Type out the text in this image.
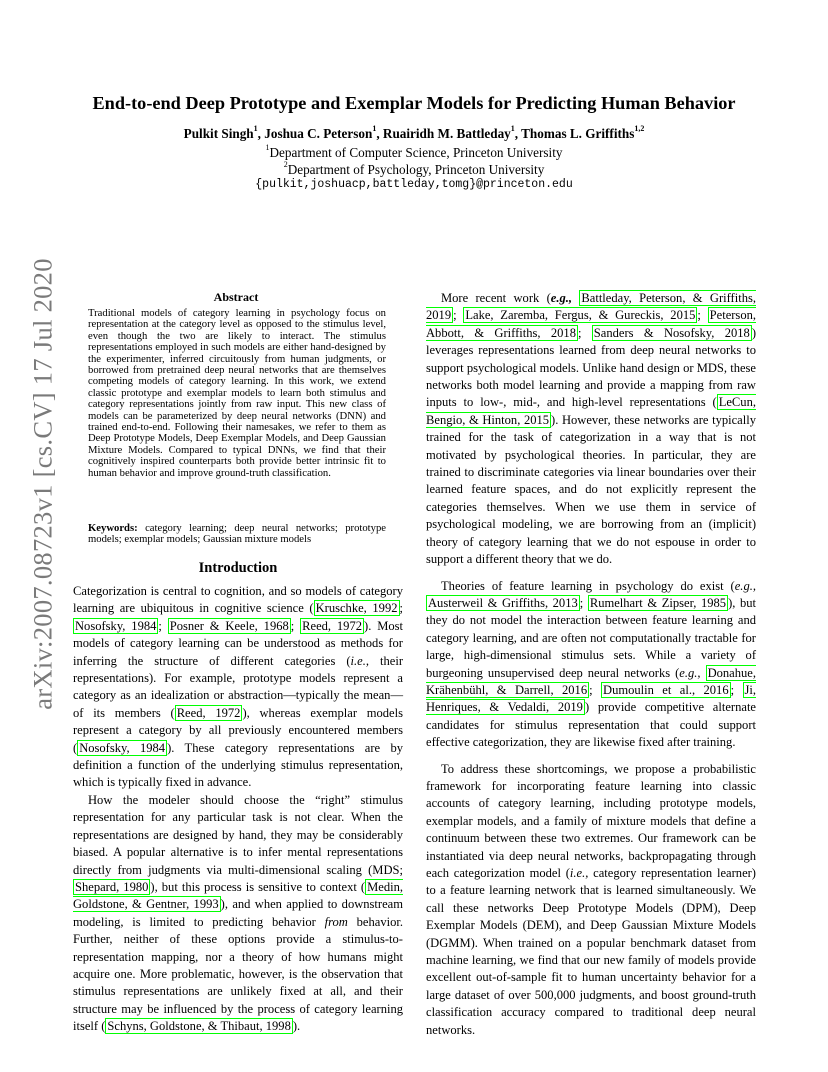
End-to-end Deep Prototype and Exemplar Models for Predicting Human Behavior
Pulkit Singh$^1$, Joshua C. Peterson$^1$, Ruairidh M. Battleday$^1$, Thomas L. Griffiths$^{1,2}$
$^1$Department of Computer Science, Princeton University
$^2$Department of Psychology, Princeton University
{pulkit,joshuacp,battleday,tomg}@princeton.edu
arXiv:2007.08723v1 [cs.CV] 17 Jul 2020	Abstract
Traditional models of category learning in psychology focus on representation at the category level as opposed to the stimulus level, even though the two are likely to interact. The stimulus representations employed in such models are either hand-designed by the experimenter, inferred circuitously from human judgments, or borrowed from pretrained deep neural networks that are themselves competing models of category learning. In this work, we extend classic prototype and exemplar models to learn both stimulus and category representations jointly from raw input. This new class of models can be parameterized by deep neural networks (DNN) and trained end-to-end. Following their namesakes, we refer to them as Deep Prototype Models, Deep Exemplar Models, and Deep Gaussian Mixture Models. Compared to typical DNNs, we find that their cognitively inspired counterparts both provide better intrinsic fit to human behavior and improve ground-truth classification.
Keywords: category learning; deep neural networks; prototype models; exemplar models; Gaussian mixture models
Introduction

Categorization is central to cognition, and so models of category learning are ubiquitous in cognitive science ( Kruschke, 1992 ; Nosofsky, 1984 ; Posner & Keele, 1968 ; Reed, 1972 ). Most models of category learning can be understood as methods for inferring the structure of different categories (i.e., their representations). For example, prototype models represent a category as an idealization or abstraction—typically the mean—of its members ( Reed, 1972 ), whereas exemplar models represent a category by all previously encountered members ( Nosofsky, 1984 ). These category representations are by definition a function of the underlying stimulus representation, which is typically fixed in advance.

How the modeler should choose the “right” stimulus representation for any particular task is not clear. When the representations are designed by hand, they may be considerably biased. A popular alternative is to infer mental representations directly from judgments via multi-dimensional scaling (MDS; Shepard, 1980 ), but this process is sensitive to context ( Medin, Goldstone, & Gentner, 1993 ), and when applied to downstream modeling, is limited to predicting behavior from behavior. Further, neither of these options provide a stimulus-to-representation mapping, nor a theory of how humans might acquire one. More problematic, however, is the observation that stimulus representations are unlikely fixed at all, and their structure may be influenced by the process of category learning itself ( Schyns, Goldstone, & Thibaut, 1998 ).

More recent work (e.g., Battleday, Peterson, & Griffiths, 2019 ; Lake, Zaremba, Fergus, & Gureckis, 2015 ; Peterson, Abbott, & Griffiths, 2018 ; Sanders & Nosofsky, 2018 ) leverages representations learned from deep neural networks to support psychological models. Unlike hand design or MDS, these networks both model learning and provide a mapping from raw inputs to low-, mid-, and high-level representations ( LeCun, Bengio, & Hinton, 2015 ). However, these networks are typically trained for the task of categorization in a way that is not motivated by psychological theories. In particular, they are trained to discriminate categories via linear boundaries over their learned feature spaces, and do not explicitly represent the categories themselves. When we use them in service of psychological modeling, we are borrowing from an (implicit) theory of category learning that we do not espouse in order to support a different theory that we do.

Theories of feature learning in psychology do exist (e.g., Austerweil & Griffiths, 2013 ; Rumelhart & Zipser, 1985 ), but they do not model the interaction between feature learning and category learning, and are often not computationally tractable for large, high-dimensional stimulus sets. While a variety of burgeoning unsupervised deep neural networks (e.g., Donahue, Krähenbühl, & Darrell, 2016 ; Dumoulin et al., 2016 ; Ji, Henriques, & Vedaldi, 2019 ) provide competitive alternate candidates for stimulus representation that could support effective categorization, they are likewise fixed after training.

To address these shortcomings, we propose a probabilistic framework for incorporating feature learning into classic accounts of category learning, including prototype models, exemplar models, and a family of mixture models that define a continuum between these two extremes. Our framework can be instantiated via deep neural networks, backpropagating through each categorization model (i.e., category representation learner) to a feature learning network that is learned simultaneously. We call these networks Deep Prototype Models (DPM), Deep Exemplar Models (DEM), and Deep Gaussian Mixture Models (DGMM). When trained on a popular benchmark dataset from machine learning, we find that our new family of models provide excellent out-of-sample fit to human uncertainty behavior for a large dataset of over 500,000 judgments, and boost ground-truth classification accuracy compared to traditional deep neural networks.
